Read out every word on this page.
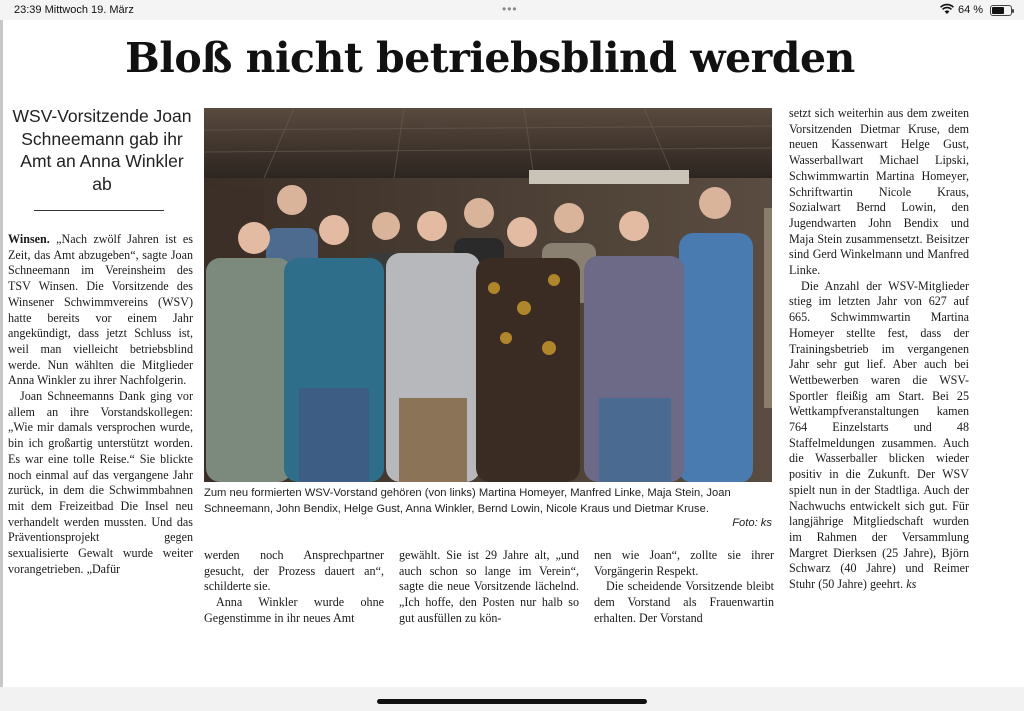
23:39 Mittwoch 19. März	•••	64 %
Bloß nicht betriebsblind werden
WSV-Vorsitzende Joan Schneemann gab ihr Amt an Anna Winkler ab

Winsen. „Nach zwölf Jahren ist es Zeit, das Amt abzugeben“, sagte Joan Schneemann im Vereinsheim des TSV Winsen. Die Vorsitzende des Winsener Schwimmvereins (WSV) hatte bereits vor einem Jahr angekündigt, dass jetzt Schluss ist, weil man vielleicht betriebsblind werde. Nun wählten die Mitglieder Anna Winkler zu ihrer Nachfolgerin.

Joan Schneemanns Dank ging vor allem an ihre Vorstandskollegen: „Wie mir damals versprochen wurde, bin ich großartig unterstützt worden. Es war eine tolle Reise.“ Sie blickte noch einmal auf das vergangene Jahr zurück, in dem die Schwimmbahnen mit dem Freizeitbad Die Insel neu verhandelt werden mussten. Und das Präventionsprojekt gegen sexualisierte Gewalt wurde weiter vorangetrieben. „Dafür

Zum neu formierten WSV-Vorstand gehören (von links) Martina Homeyer, Manfred Linke, Maja Stein, Joan Schneemann, John Bendix, Helge Gust, Anna Winkler, Bernd Lowin, Nicole Kraus und Dietmar Kruse.
Foto: ks

werden noch Ansprechpartner gesucht, der Prozess dauert an“, schilderte sie.

Anna Winkler wurde ohne Gegenstimme in ihr neues Amt

gewählt. Sie ist 29 Jahre alt, „und auch schon so lange im Verein“, sagte die neue Vorsitzende lächelnd. „Ich hoffe, den Posten nur halb so gut ausfüllen zu kön-

nen wie Joan“, zollte sie ihrer Vorgängerin Respekt.

Die scheidende Vorsitzende bleibt dem Vorstand als Frauenwartin erhalten. Der Vorstand

setzt sich weiterhin aus dem zweiten Vorsitzenden Dietmar Kruse, dem neuen Kassenwart Helge Gust, Wasserballwart Michael Lipski, Schwimmwartin Martina Homeyer, Schriftwartin Nicole Kraus, Sozialwart Bernd Lowin, den Jugendwarten John Bendix und Maja Stein zusammensetzt. Beisitzer sind Gerd Winkelmann und Manfred Linke.

Die Anzahl der WSV-Mitglieder stieg im letzten Jahr von 627 auf 665. Schwimmwartin Martina Homeyer stellte fest, dass der Trainingsbetrieb im vergangenen Jahr sehr gut lief. Aber auch bei Wettbewerben waren die WSV-Sportler fleißig am Start. Bei 25 Wettkampfveranstaltungen kamen 764 Einzelstarts und 48 Staffelmeldungen zusammen. Auch die Wasserballer blicken wieder positiv in die Zukunft. Der WSV spielt nun in der Stadtliga. Auch der Nachwuchs entwickelt sich gut. Für langjährige Mitgliedschaft wurden im Rahmen der Versammlung Margret Dierksen (25 Jahre), Björn Schwarz (40 Jahre) und Reimer Stuhr (50 Jahre) geehrt. ks
